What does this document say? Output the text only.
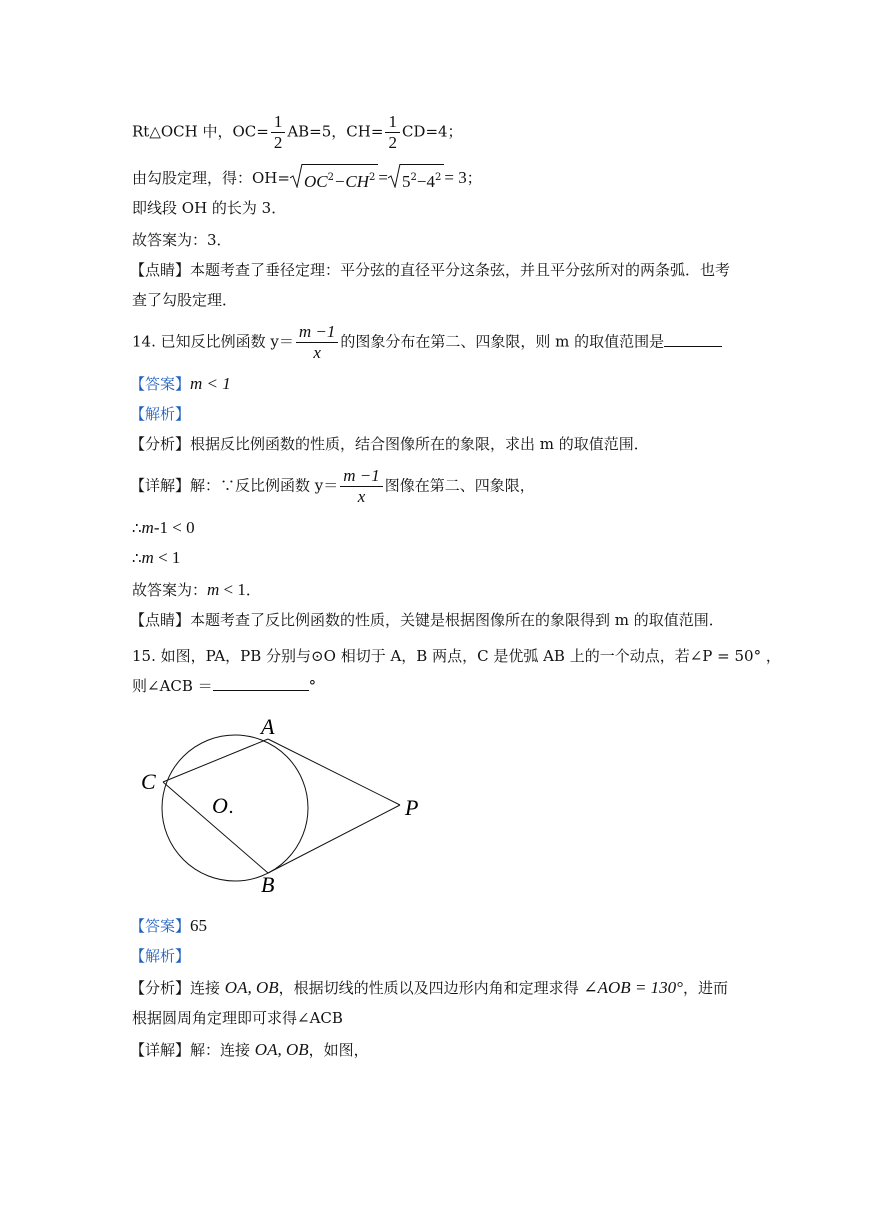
Rt△OCH 中，$OC= \frac{1}{2} AB=5$，$CH= \frac{1}{2} CD=4$；
由勾股定理，得：$OH= OC^2-CH^2 = 5^2-4^2 = 3$；
即线段 OH 的长为 3．
故答案为：3．
【点睛】本题考查了垂径定理：平分弦的直径平分这条弦，并且平分弦所对的两条弧．也考
查了勾股定理．
14. 已知反比例函数 $y= \frac{m -1}{x}$ 的图象分布在第二、四象限，则 m 的取值范围是
【答案】m < 1
【解析】
【分析】根据反比例函数的性质，结合图像所在的象限，求出 m 的取值范围．
【详解】解：∵反比例函数 $y= \frac{m -1}{x}$ 图像在第二、四象限，
∴m-1 < 0
∴m < 1
故答案为：m < 1．
【点睛】本题考查了反比例函数的性质，关键是根据图像所在的象限得到 m 的取值范围．
15. 如图，PA，PB 分别与⊙O 相切于 A，B 两点，C 是优弧 AB 上的一个动点，若∠P = 50° ，
则∠ACB ＝	°
A
B
C
O	P
【答案】65
【解析】
【分析】连接 OA, OB，根据切线的性质以及四边形内角和定理求得 ∠AOB = 130°，进而
根据圆周角定理即可求得∠ACB
【详解】解：连接 OA, OB，如图，
